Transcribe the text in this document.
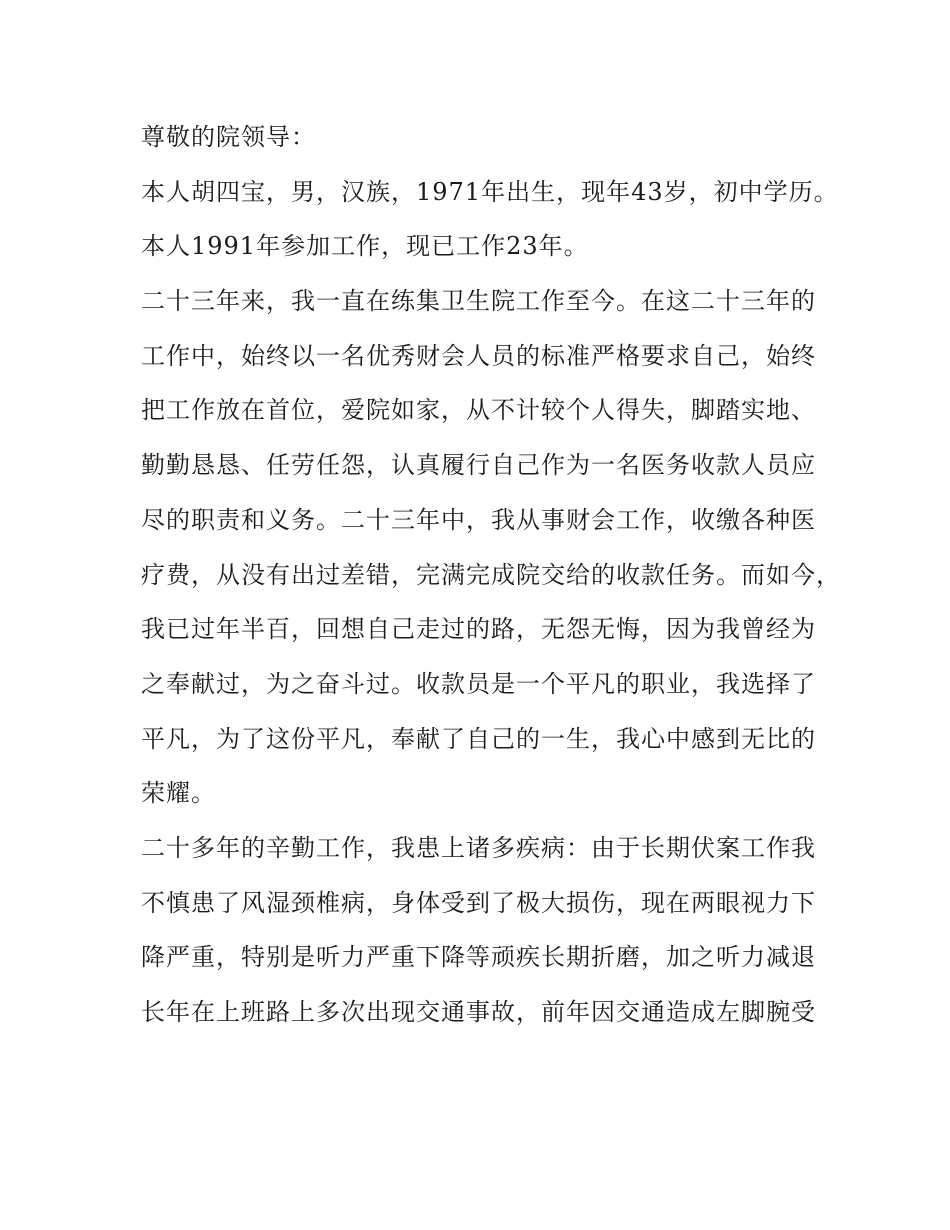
尊敬的院领导：
本人胡四宝，男，汉族，1971年出生，现年43岁，初中学历。
本人1991年参加工作，现已工作23年。
二十三年来，我一直在练集卫生院工作至今。在这二十三年的
工作中，始终以一名优秀财会人员的标准严格要求自己，始终
把工作放在首位，爱院如家，从不计较个人得失，脚踏实地、
勤勤恳恳、任劳任怨，认真履行自己作为一名医务收款人员应
尽的职责和义务。二十三年中，我从事财会工作，收缴各种医
疗费，从没有出过差错，完满完成院交给的收款任务。而如今，
我已过年半百，回想自己走过的路，无怨无悔，因为我曾经为
之奉献过，为之奋斗过。收款员是一个平凡的职业，我选择了
平凡，为了这份平凡，奉献了自己的一生，我心中感到无比的
荣耀。
二十多年的辛勤工作，我患上诸多疾病：由于长期伏案工作我
不慎患了风湿颈椎病，身体受到了极大损伤，现在两眼视力下
降严重，特别是听力严重下降等顽疾长期折磨，加之听力减退
长年在上班路上多次出现交通事故，前年因交通造成左脚腕受
